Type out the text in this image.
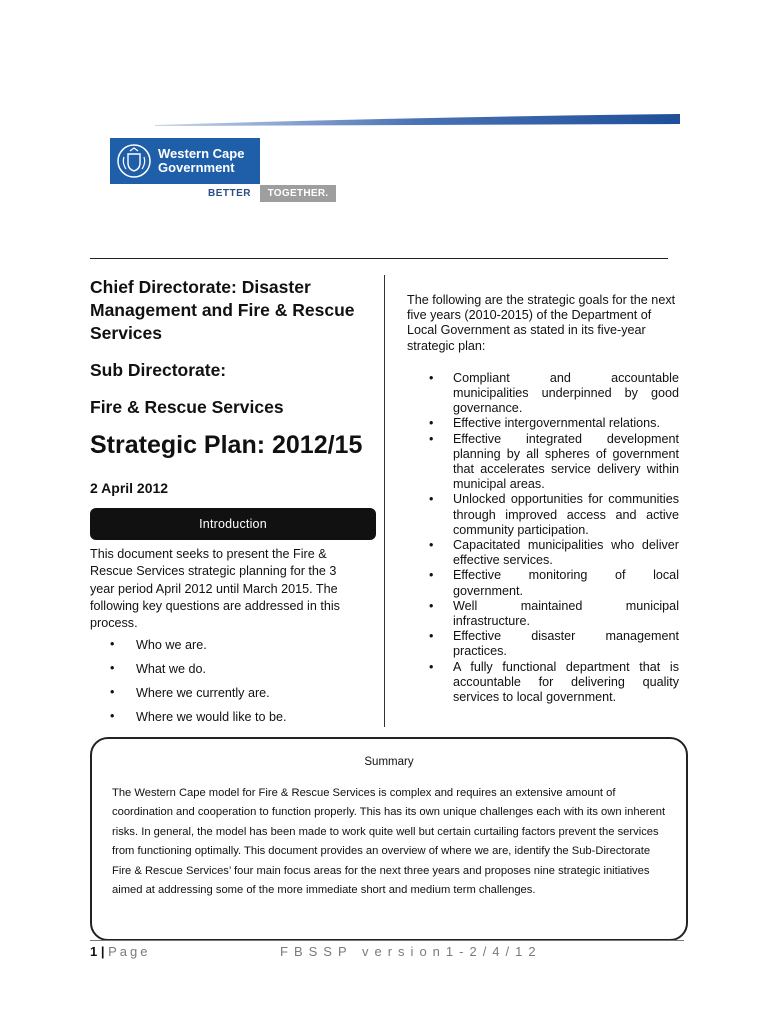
Western Cape
Government
BETTER	TOGETHER.
Chief Directorate: Disaster Management and Fire & Rescue Services
Sub Directorate:
Fire & Rescue Services
Strategic Plan: 2012/15
2 April 2012
Introduction
This document seeks to present the Fire & Rescue Services strategic planning for the 3 year period April 2012 until March 2015. The following key questions are addressed in this process.
• Who we are.
• What we do.
• Where we currently are.
• Where we would like to be.
The following are the strategic goals for the next five years (2010-2015) of the Department of Local Government as stated in its five-year strategic plan:
• Compliant and accountable municipalities underpinned by good governance.
• Effective intergovernmental relations.
• Effective integrated development planning by all spheres of government that accelerates service delivery within municipal areas.
• Unlocked opportunities for communities through improved access and active community participation.
• Capacitated municipalities who deliver effective services.
• Effective monitoring of local government.
• Well maintained municipal infrastructure.
• Effective disaster management practices.
• A fully functional department that is accountable for delivering quality services to local government.
Summary
The Western Cape model for Fire & Rescue Services is complex and requires an extensive amount of coordination and cooperation to function properly. This has its own unique challenges each with its own inherent risks. In general, the model has been made to work quite well but certain curtailing factors prevent the services from functioning optimally. This document provides an overview of where we are, identify the Sub-Directorate Fire & Rescue Services’ four main focus areas for the next three years and proposes nine strategic initiatives aimed at addressing some of the more immediate short and medium term challenges.
1 | Page	FBSSP version1-2/4/12
